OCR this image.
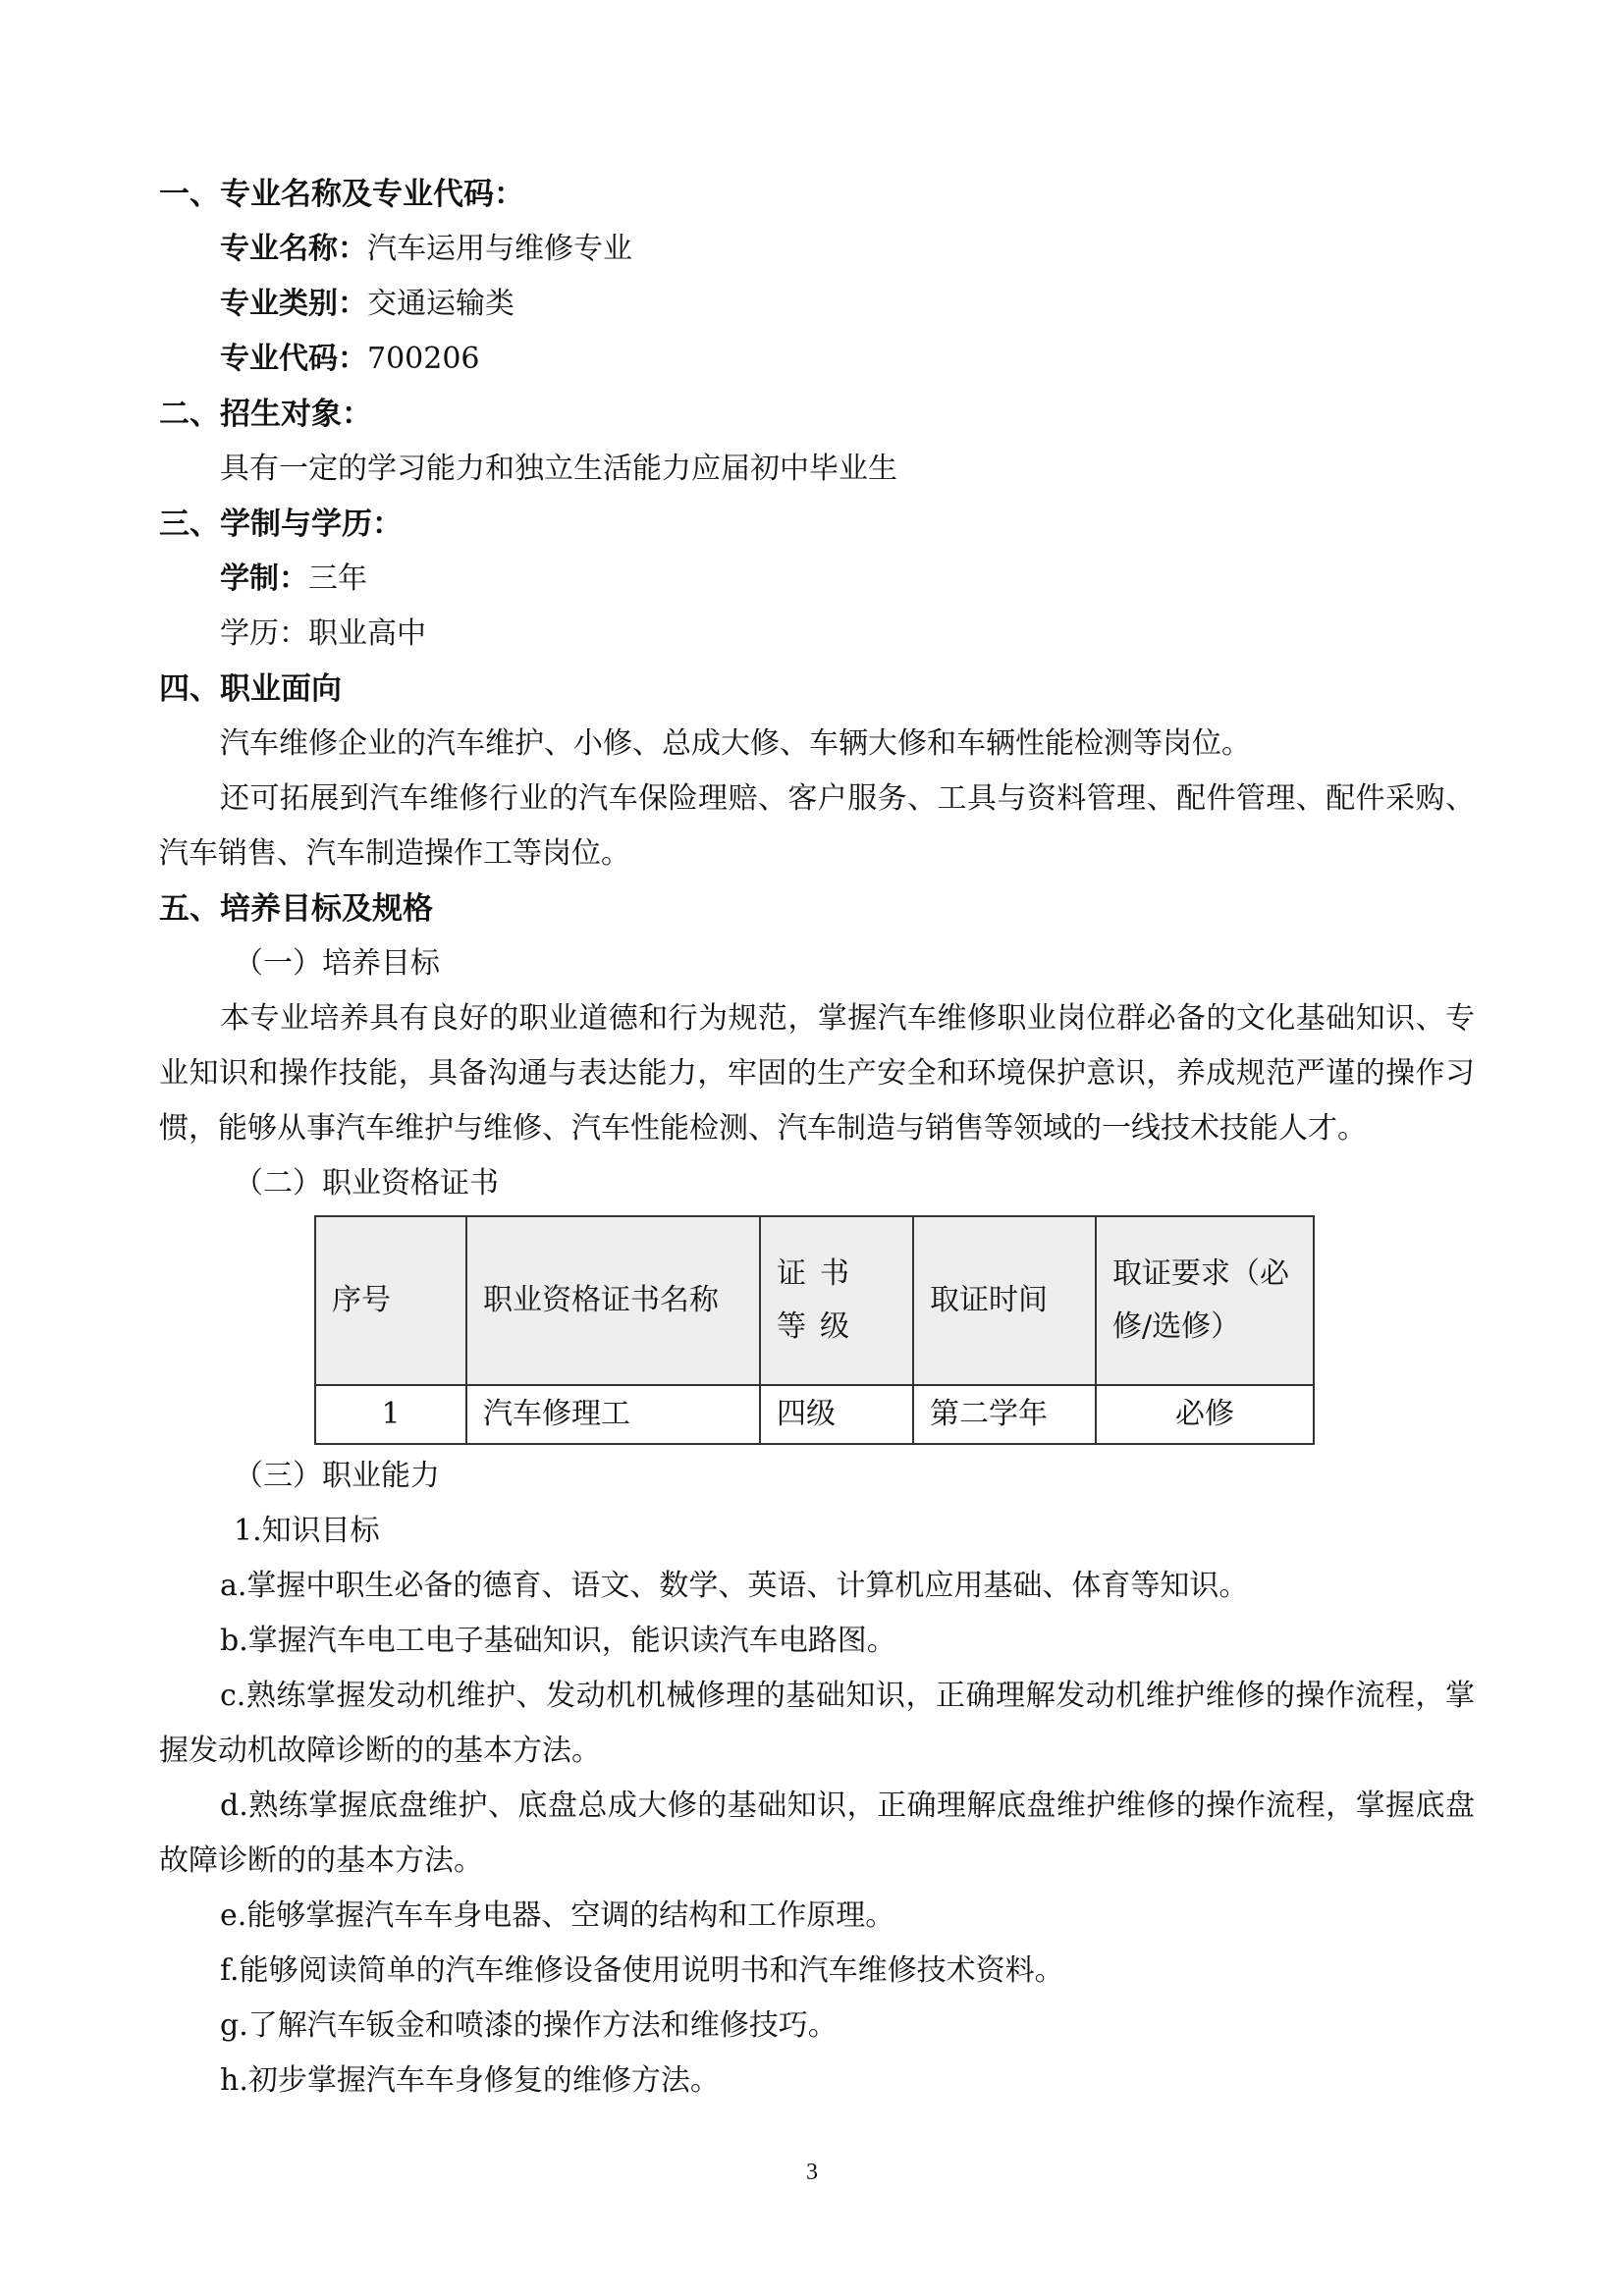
一、专业名称及专业代码：
专业名称：汽车运用与维修专业
专业类别：交通运输类
专业代码：700206
二、招生对象：
具有一定的学习能力和独立生活能力应届初中毕业生
三、学制与学历：
学制：三年
学历：职业高中
四、职业面向

汽车维修企业的汽车维护、小修、总成大修、车辆大修和车辆性能检测等岗位。

还可拓展到汽车维修行业的汽车保险理赔、客户服务、工具与资料管理、配件管理、配件采购、汽车销售、汽车制造操作工等岗位。

五、培养目标及规格
（一）培养目标

本专业培养具有良好的职业道德和行为规范，掌握汽车维修职业岗位群必备的文化基础知识、专业知识和操作技能，具备沟通与表达能力，牢固的生产安全和环境保护意识，养成规范严谨的操作习惯，能够从事汽车维护与维修、汽车性能检测、汽车制造与销售等领域的一线技术技能人才。

（二）职业资格证书
序号	职业资格证书名称	证书等级	取证时间	取证要求（必修/选修）
1	汽车修理工	四级	第二学年	必修
（三）职业能力
1.知识目标

a.掌握中职生必备的德育、语文、数学、英语、计算机应用基础、体育等知识。

b.掌握汽车电工电子基础知识，能识读汽车电路图。

c.熟练掌握发动机维护、发动机机械修理的基础知识，正确理解发动机维护维修的操作流程，掌握发动机故障诊断的的基本方法。

d.熟练掌握底盘维护、底盘总成大修的基础知识，正确理解底盘维护维修的操作流程，掌握底盘故障诊断的的基本方法。

e.能够掌握汽车车身电器、空调的结构和工作原理。

f.能够阅读简单的汽车维修设备使用说明书和汽车维修技术资料。

g.了解汽车钣金和喷漆的操作方法和维修技巧。

h.初步掌握汽车车身修复的维修方法。

3
